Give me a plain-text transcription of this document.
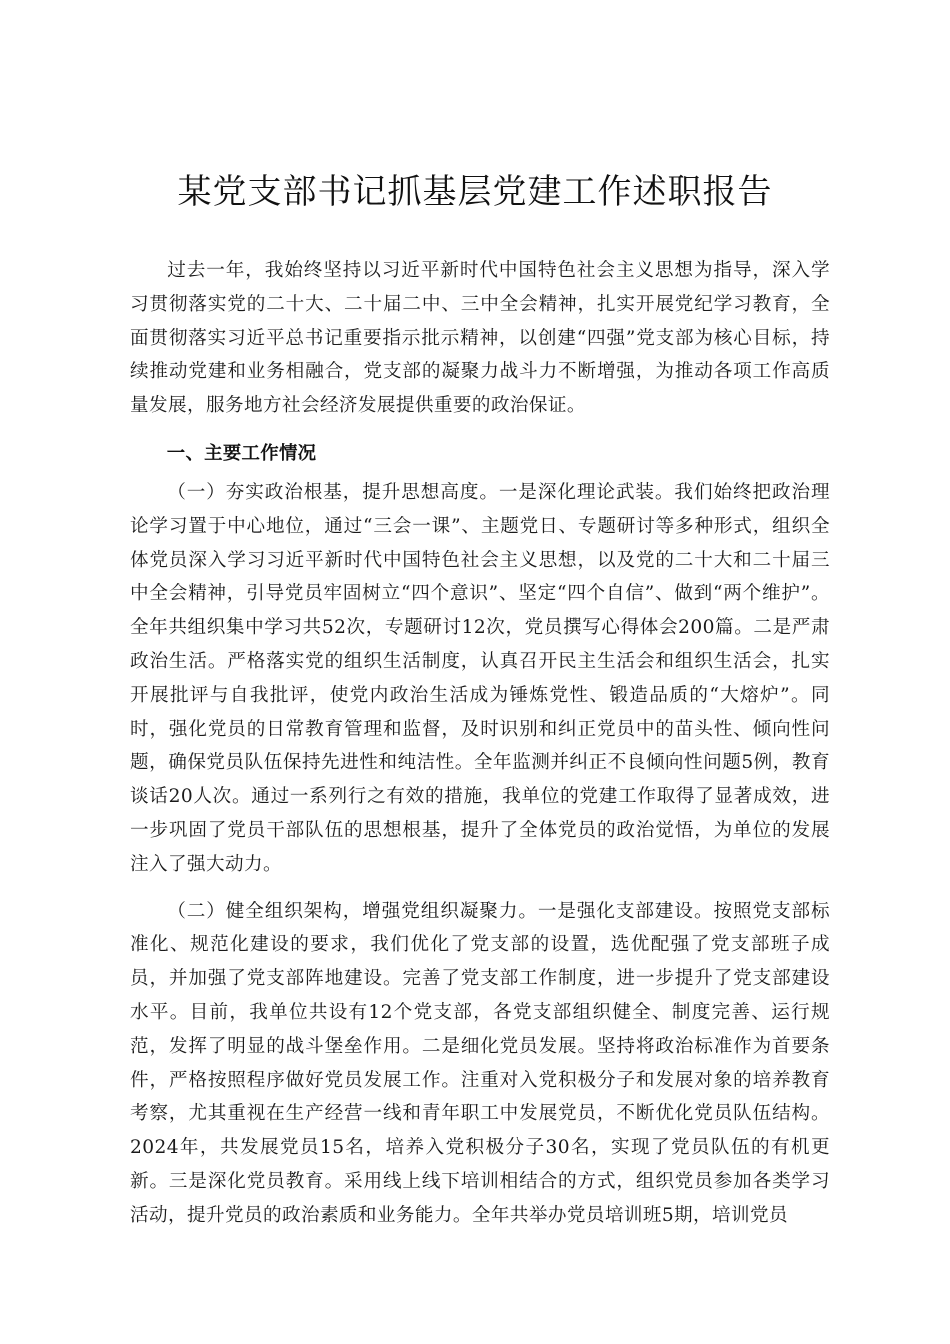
某党支部书记抓基层党建工作述职报告

过去一年，我始终坚持以习近平新时代中国特色社会主义思想为指导，深入学习贯彻落实党的二十大、二十届二中、三中全会精神，扎实开展党纪学习教育，全面贯彻落实习近平总书记重要指示批示精神，以创建“四强”党支部为核心目标，持续推动党建和业务相融合，党支部的凝聚力战斗力不断增强，为推动各项工作高质量发展，服务地方社会经济发展提供重要的政治保证。

一、主要工作情况

（一）夯实政治根基，提升思想高度。一是深化理论武装。我们始终把政治理论学习置于中心地位，通过“三会一课”、主题党日、专题研讨等多种形式，组织全体党员深入学习习近平新时代中国特色社会主义思想，以及党的二十大和二十届三中全会精神，引导党员牢固树立“四个意识”、坚定“四个自信”、做到“两个维护”。全年共组织集中学习共52次，专题研讨12次，党员撰写心得体会200篇。二是严肃政治生活。严格落实党的组织生活制度，认真召开民主生活会和组织生活会，扎实开展批评与自我批评，使党内政治生活成为锤炼党性、锻造品质的“大熔炉”。同时，强化党员的日常教育管理和监督，及时识别和纠正党员中的苗头性、倾向性问题，确保党员队伍保持先进性和纯洁性。全年监测并纠正不良倾向性问题5例，教育谈话20人次。通过一系列行之有效的措施，我单位的党建工作取得了显著成效，进一步巩固了党员干部队伍的思想根基，提升了全体党员的政治觉悟，为单位的发展注入了强大动力。

（二）健全组织架构，增强党组织凝聚力。一是强化支部建设。按照党支部标准化、规范化建设的要求，我们优化了党支部的设置，选优配强了党支部班子成员，并加强了党支部阵地建设。完善了党支部工作制度，进一步提升了党支部建设水平。目前，我单位共设有12个党支部，各党支部组织健全、制度完善、运行规范，发挥了明显的战斗堡垒作用。二是细化党员发展。坚持将政治标准作为首要条件，严格按照程序做好党员发展工作。注重对入党积极分子和发展对象的培养教育考察，尤其重视在生产经营一线和青年职工中发展党员，不断优化党员队伍结构。2024年，共发展党员15名，培养入党积极分子30名，实现了党员队伍的有机更新。三是深化党员教育。采用线上线下培训相结合的方式，组织党员参加各类学习活动，提升党员的政治素质和业务能力。全年共举办党员培训班5期，培训党员
